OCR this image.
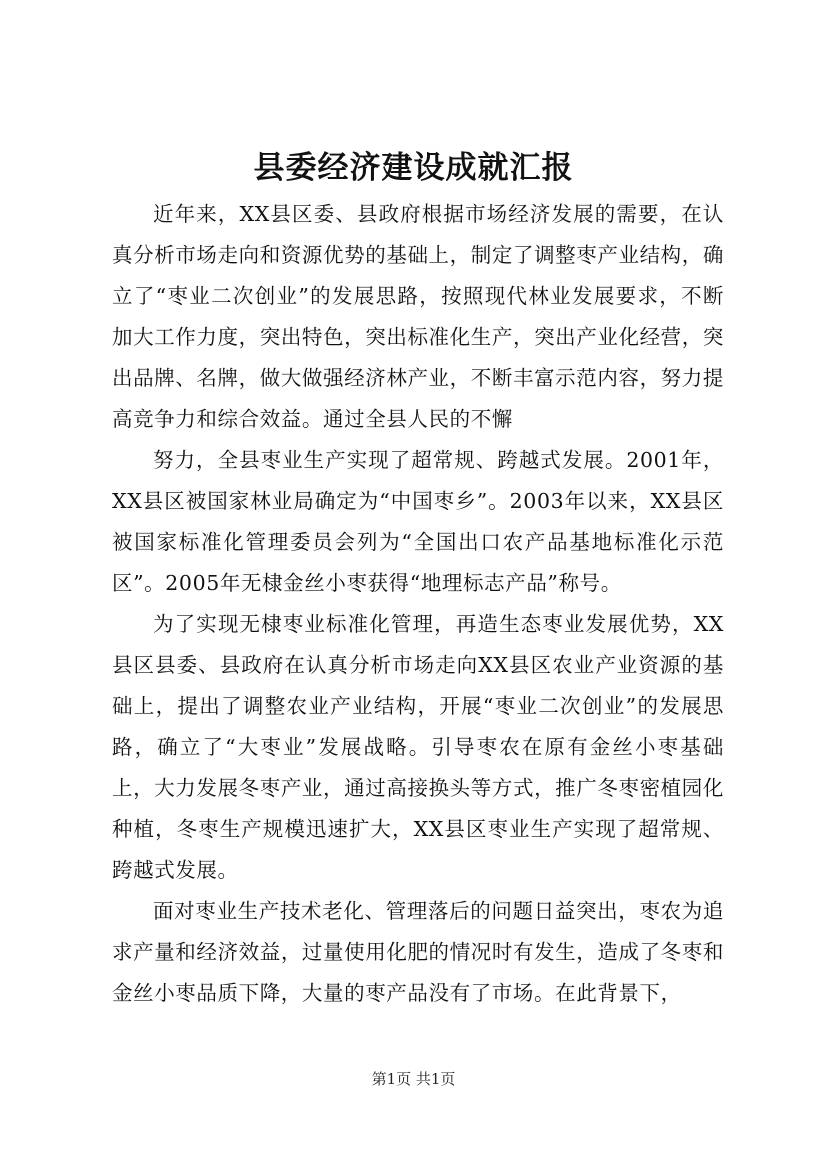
县委经济建设成就汇报

近年来，XX县区委、县政府根据市场经济发展的需要，在认真分析市场走向和资源优势的基础上，制定了调整枣产业结构，确立了“枣业二次创业”的发展思路，按照现代林业发展要求，不断加大工作力度，突出特色，突出标准化生产，突出产业化经营，突出品牌、名牌，做大做强经济林产业，不断丰富示范内容，努力提高竞争力和综合效益。通过全县人民的不懈

努力，全县枣业生产实现了超常规、跨越式发展。2001年，XX县区被国家林业局确定为“中国枣乡”。2003年以来，XX县区被国家标准化管理委员会列为“全国出口农产品基地标准化示范区”。2005年无棣金丝小枣获得“地理标志产品”称号。

为了实现无棣枣业标准化管理，再造生态枣业发展优势，XX县区县委、县政府在认真分析市场走向XX县区农业产业资源的基础上，提出了调整农业产业结构，开展“枣业二次创业”的发展思路，确立了“大枣业”发展战略。引导枣农在原有金丝小枣基础上，大力发展冬枣产业，通过高接换头等方式，推广冬枣密植园化种植，冬枣生产规模迅速扩大，XX县区枣业生产实现了超常规、跨越式发展。

面对枣业生产技术老化、管理落后的问题日益突出，枣农为追求产量和经济效益，过量使用化肥的情况时有发生，造成了冬枣和金丝小枣品质下降，大量的枣产品没有了市场。在此背景下，

第1页 共1页
